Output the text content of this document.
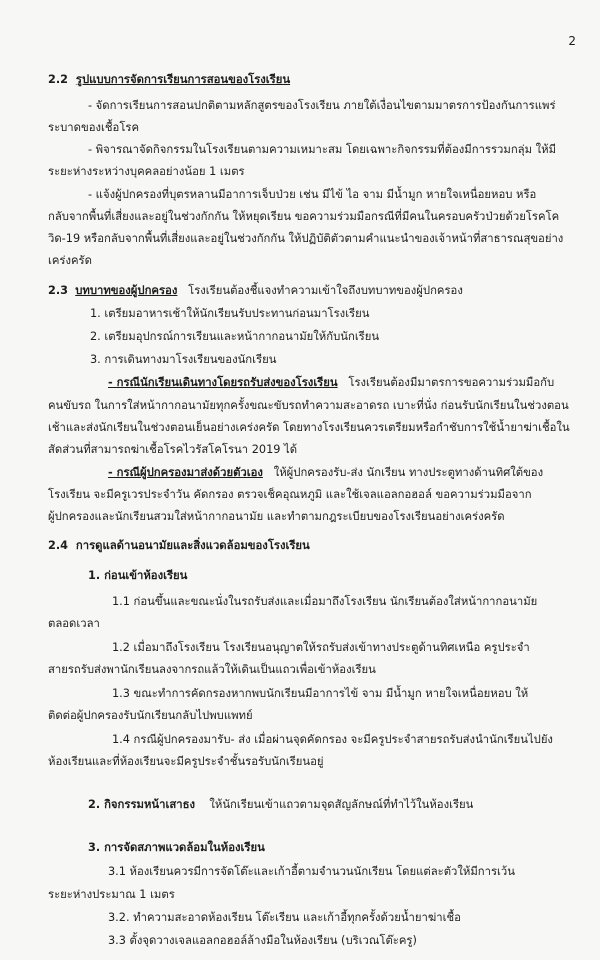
2
2.2 รูปแบบการจัดการเรียนการสอนของโรงเรียน
- จัดการเรียนการสอนปกติตามหลักสูตรของโรงเรียน ภายใต้เงื่อนไขตามมาตรการป้องกันการแพร่
ระบาดของเชื้อโรค
- พิจารณาจัดกิจกรรมในโรงเรียนตามความเหมาะสม โดยเฉพาะกิจกรรมที่ต้องมีการรวมกลุ่ม ให้มี
ระยะห่างระหว่างบุคคลอย่างน้อย 1 เมตร
- แจ้งผู้ปกครองที่บุตรหลานมีอาการเจ็บป่วย เช่น มีไข้ ไอ จาม มีน้ำมูก หายใจเหนื่อยหอบ หรือ
กลับจากพื้นที่เสี่ยงและอยู่ในช่วงกักกัน ให้หยุดเรียน ขอความร่วมมือกรณีที่มีคนในครอบครัวป่วยด้วยโรคโค
วิด-19 หรือกลับจากพื้นที่เสี่ยงและอยู่ในช่วงกักกัน ให้ปฏิบัติตัวตามคำแนะนำของเจ้าหน้าที่สาธารณสุขอย่าง
เคร่งครัด
2.3 บทบาทของผู้ปกครอง โรงเรียนต้องชี้แจงทำความเข้าใจถึงบทบาทของผู้ปกครอง
1. เตรียมอาหารเช้าให้นักเรียนรับประทานก่อนมาโรงเรียน
2. เตรียมอุปกรณ์การเรียนและหน้ากากอนามัยให้กับนักเรียน
3. การเดินทางมาโรงเรียนของนักเรียน
- กรณีนักเรียนเดินทางโดยรถรับส่งของโรงเรียน โรงเรียนต้องมีมาตรการขอความร่วมมือกับ
คนขับรถ ในการใส่หน้ากากอนามัยทุกครั้งขณะขับรถทำความสะอาดรถ เบาะที่นั่ง ก่อนรับนักเรียนในช่วงตอน
เช้าและส่งนักเรียนในช่วงตอนเย็นอย่างเคร่งครัด โดยทางโรงเรียนควรเตรียมหรือกำชับการใช้น้ำยาฆ่าเชื้อใน
สัดส่วนที่สามารถฆ่าเชื้อโรคไวรัสโคโรนา 2019 ได้
- กรณีผู้ปกครองมาส่งด้วยตัวเอง ให้ผู้ปกครองรับ-ส่ง นักเรียน ทางประตูทางด้านทิศใต้ของ
โรงเรียน จะมีครูเวรประจำวัน คัดกรอง ตรวจเช็คอุณหภูมิ และใช้เจลแอลกอฮอล์ ขอความร่วมมือจาก
ผู้ปกครองและนักเรียนสวมใส่หน้ากากอนามัย และทำตามกฎระเบียบของโรงเรียนอย่างเคร่งครัด
2.4 การดูแลด้านอนามัยและสิ่งแวดล้อมของโรงเรียน
1. ก่อนเข้าห้องเรียน
1.1 ก่อนขึ้นและขณะนั่งในรถรับส่งและเมื่อมาถึงโรงเรียน นักเรียนต้องใส่หน้ากากอนามัย
ตลอดเวลา
1.2 เมื่อมาถึงโรงเรียน โรงเรียนอนุญาตให้รถรับส่งเข้าทางประตูด้านทิศเหนือ ครูประจำ
สายรถรับส่งพานักเรียนลงจากรถแล้วให้เดินเป็นแถวเพื่อเข้าห้องเรียน
1.3 ขณะทำการคัดกรองหากพบนักเรียนมีอาการไข้ จาม มีน้ำมูก หายใจเหนื่อยหอบ ให้
ติดต่อผู้ปกครองรับนักเรียนกลับไปพบแพทย์
1.4 กรณีผู้ปกครองมารับ- ส่ง เมื่อผ่านจุดคัดกรอง จะมีครูประจำสายรถรับส่งนำนักเรียนไปยัง
ห้องเรียนและที่ห้องเรียนจะมีครูประจำชั้นรอรับนักเรียนอยู่
2. กิจกรรมหน้าเสาธง ให้นักเรียนเข้าแถวตามจุดสัญลักษณ์ที่ทำไว้ในห้องเรียน
3. การจัดสภาพแวดล้อมในห้องเรียน
3.1 ห้องเรียนควรมีการจัดโต๊ะและเก้าอี้ตามจำนวนนักเรียน โดยแต่ละตัวให้มีการเว้น
ระยะห่างประมาณ 1 เมตร
3.2. ทำความสะอาดห้องเรียน โต๊ะเรียน และเก้าอี้ทุกครั้งด้วยน้ำยาฆ่าเชื้อ
3.3 ตั้งจุดวางเจลแอลกอฮอล์ล้างมือในห้องเรียน (บริเวณโต๊ะครู)
